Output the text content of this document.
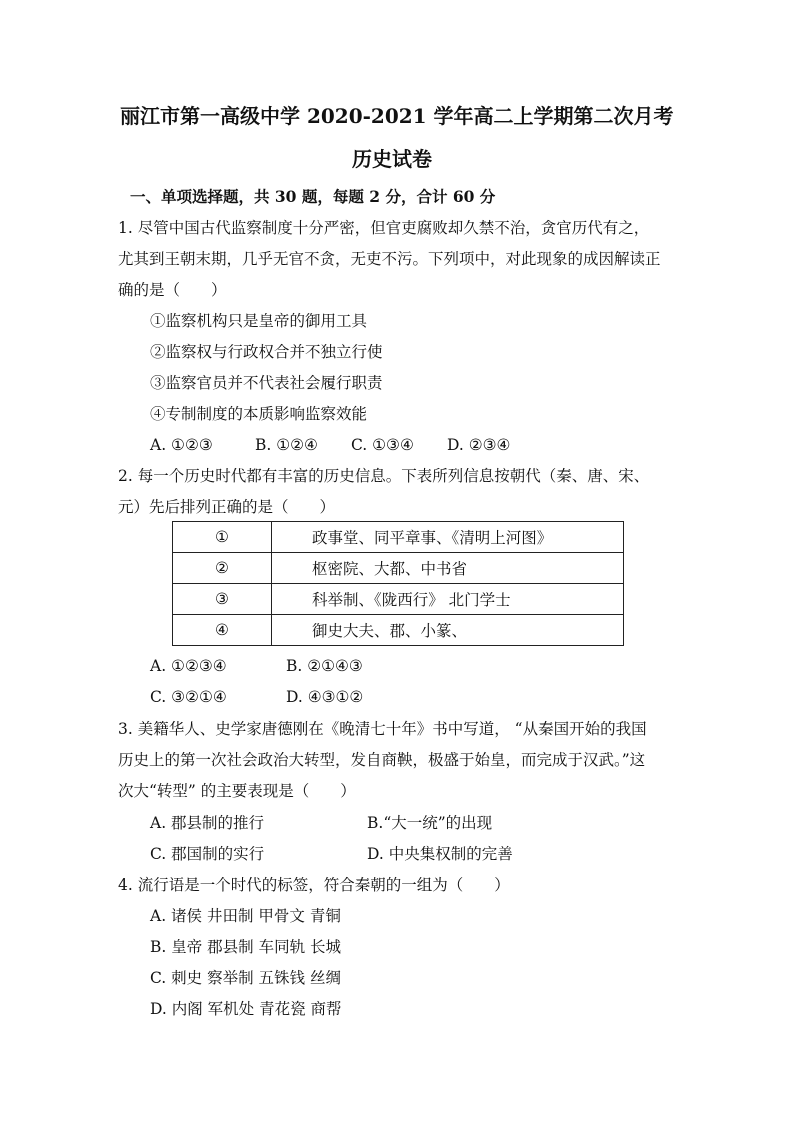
丽江市第一高级中学 2020-2021 学年高二上学期第二次月考
历史试卷
一、单项选择题，共 30 题，每题 2 分，合计 60 分
1. 尽管中国古代监察制度十分严密，但官吏腐败却久禁不治，贪官历代有之，
尤其到王朝末期，几乎无官不贪，无吏不污。下列项中，对此现象的成因解读正
确的是（　　）
①监察机构只是皇帝的御用工具
②监察权与行政权合并不独立行使
③监察官员并不代表社会履行职责
④专制制度的本质影响监察效能
A. ①②③	B. ①②④ C. ①③④ D. ②③④
2. 每一个历史时代都有丰富的历史信息。下表所列信息按朝代（秦、唐、宋、
元）先后排列正确的是（　　）
①	政事堂、同平章事、《清明上河图》
②	枢密院、大都、中书省
③	科举制、《陇西行》 北门学士
④	御史大夫、郡、小篆、
A. ①②③④	B. ②①④③
C. ③②①④	D. ④③①②
3. 美籍华人、史学家唐德刚在《晚清七十年》书中写道， “从秦国开始的我国
历史上的第一次社会政治大转型，发自商鞅，极盛于始皇，而完成于汉武。”这
次大“转型” 的主要表现是（　　）
A. 郡县制的推行	B.“大一统”的出现
C. 郡国制的实行	D. 中央集权制的完善
4. 流行语是一个时代的标签，符合秦朝的一组为（　　）
A. 诸侯 井田制 甲骨文 青铜
B. 皇帝 郡县制 车同轨 长城
C. 刺史 察举制 五铢钱 丝绸
D. 内阁 军机处 青花瓷 商帮
